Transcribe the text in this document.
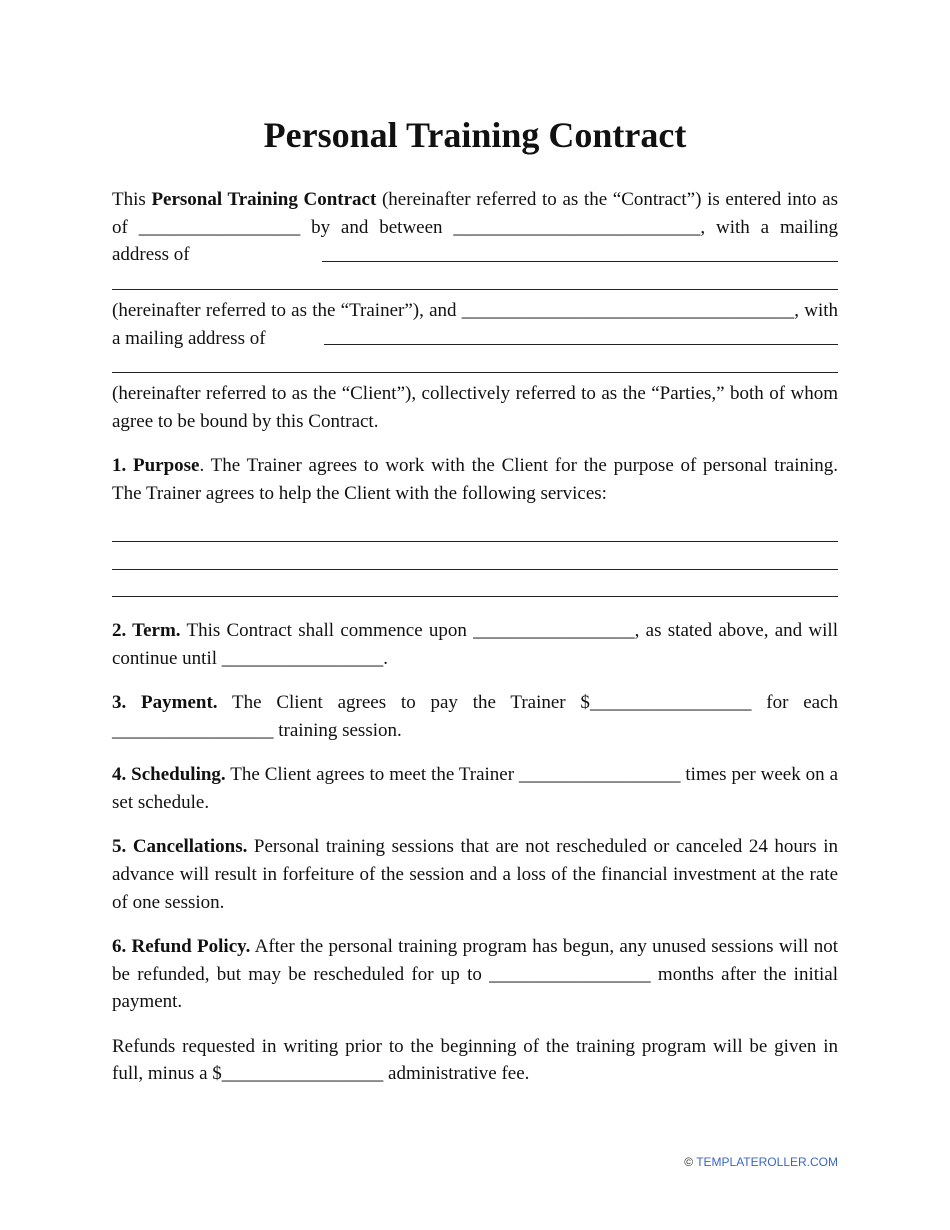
Personal Training Contract

This Personal Training Contract (hereinafter referred to as the “Contract”) is entered into as of _________________ by and between __________________________, with a mailing address of

(hereinafter referred to as the “Trainer”), and ___________________________________, with a mailing address of

(hereinafter referred to as the “Client”), collectively referred to as the “Parties,” both of whom agree to be bound by this Contract.

1. Purpose. The Trainer agrees to work with the Client for the purpose of personal training. The Trainer agrees to help the Client with the following services:

2. Term. This Contract shall commence upon _________________, as stated above, and will continue until _________________.

3. Payment. The Client agrees to pay the Trainer $_________________ for each _________________ training session.

4. Scheduling. The Client agrees to meet the Trainer _________________ times per week on a set schedule.

5. Cancellations. Personal training sessions that are not rescheduled or canceled 24 hours in advance will result in forfeiture of the session and a loss of the financial investment at the rate of one session.

6. Refund Policy. After the personal training program has begun, any unused sessions will not be refunded, but may be rescheduled for up to _________________ months after the initial payment.

Refunds requested in writing prior to the beginning of the training program will be given in full, minus a $_________________ administrative fee.

© TEMPLATEROLLER.COM
